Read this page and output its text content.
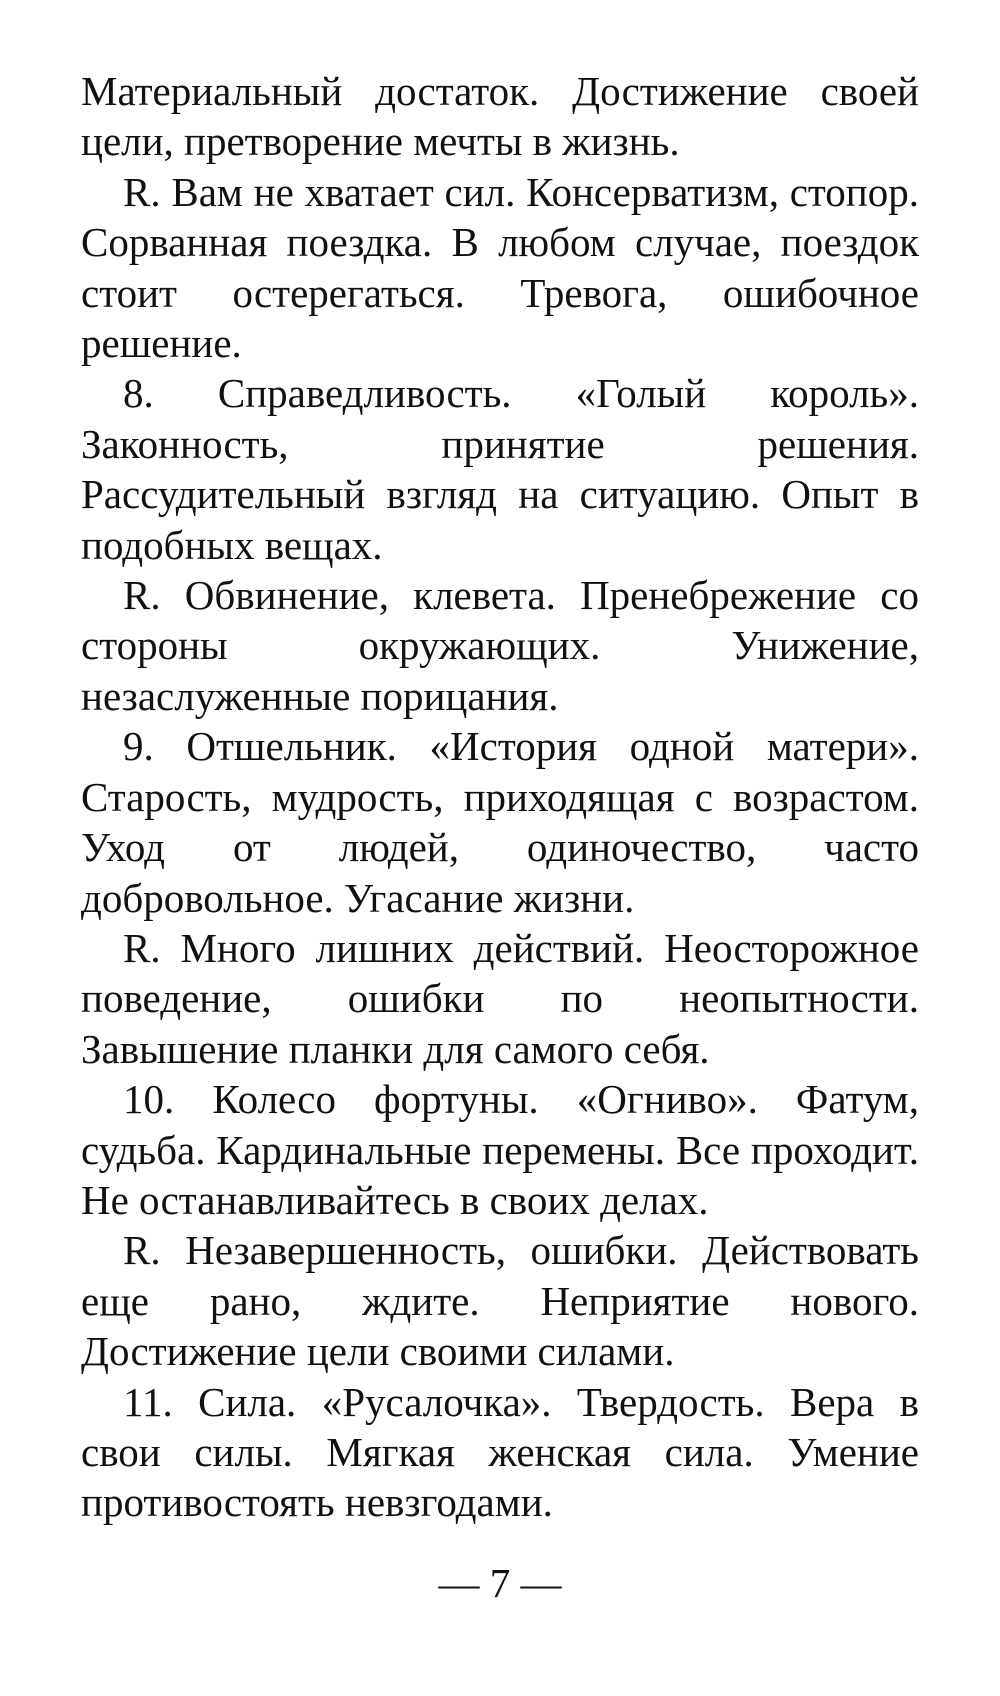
Материальный достаток. Достижение своей цели, претворение мечты в жизнь.

R. Вам не хватает сил. Консерватизм, стопор. Сорванная поездка. В любом случае, поездок стоит остерегаться. Тревога, ошибочное решение.

8. Справедливость. «Голый король». Законность, принятие решения. Рассудительный взгляд на ситуацию. Опыт в подобных вещах.

R. Обвинение, клевета. Пренебрежение со стороны окружающих. Унижение, незаслуженные порицания.

9. Отшельник. «История одной матери». Старость, мудрость, приходящая с возрастом. Уход от людей, одиночество, часто добровольное. Угасание жизни.

R. Много лишних действий. Неосторожное поведение, ошибки по неопытности. Завышение планки для самого себя.

10. Колесо фортуны. «Огниво». Фатум, судьба. Кардинальные перемены. Все проходит. Не останавливайтесь в своих делах.

R. Незавершенность, ошибки. Действовать еще рано, ждите. Неприятие нового. Достижение цели своими силами.

11. Сила. «Русалочка». Твердость. Вера в свои силы. Мягкая женская сила. Умение противостоять невзгодами.

— 7 —
